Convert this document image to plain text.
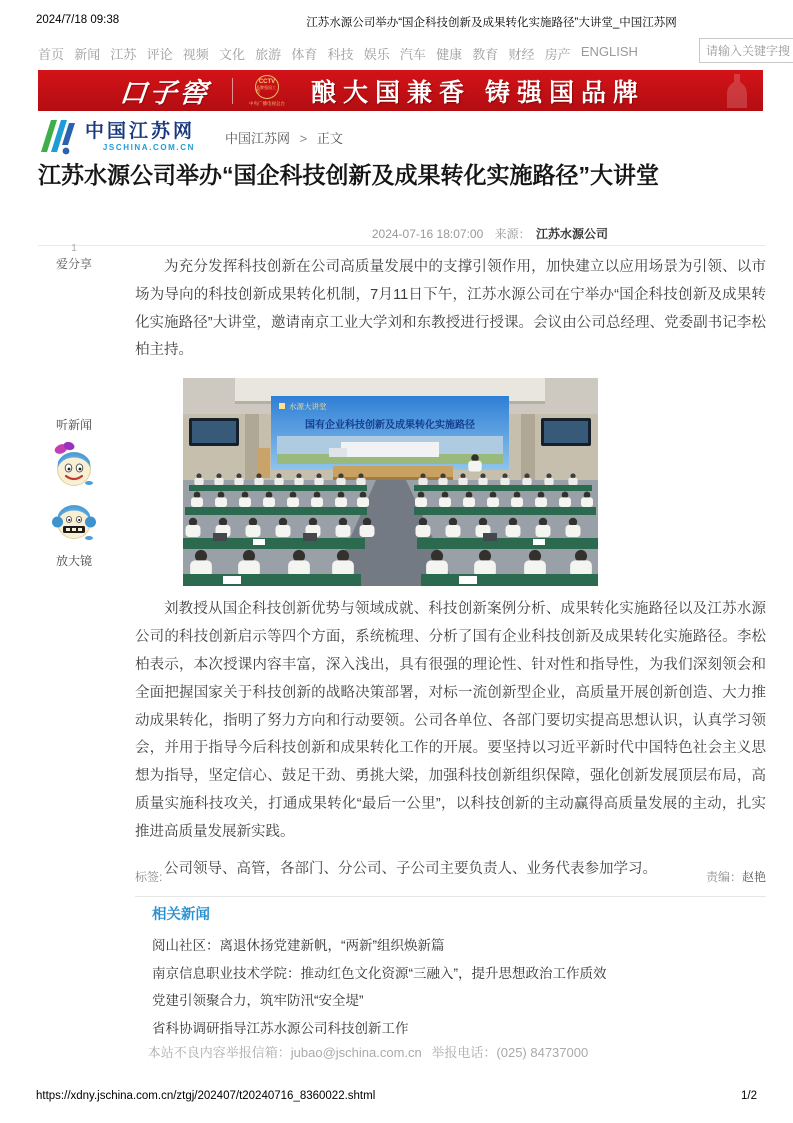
2024/7/18 09:38	江苏水源公司举办“国企科技创新及成果转化实施路径”大讲堂_中国江苏网
首页 新闻 江苏 评论 视频 文化 旅游 体育 科技 娱乐 汽车 健康 教育 财经 房产 ENGLISH
请输入关键字搜
口子窖	CCTV
品牌强国工程
中央广播电视总台 酿大国兼香 铸强国品牌
中国江苏网
JSCHINA.COM.CN
中国江苏网 > 正文
江苏水源公司举办“国企科技创新及成果转化实施路径”大讲堂
2024-07-16 18:07:00 来源： 江苏水源公司
1
爱分享
听新闻
放大镜

为充分发挥科技创新在公司高质量发展中的支撑引领作用，加快建立以应用场景为引领、以市场为导向的科技创新成果转化机制，7月11日下午，江苏水源公司在宁举办“国企科技创新及成果转化实施路径”大讲堂，邀请南京工业大学刘和东教授进行授课。会议由公司总经理、党委副书记李松柏主持。

水源大讲堂
国有企业科技创新及成果转化实施路径

刘教授从国企科技创新优势与领域成就、科技创新案例分析、成果转化实施路径以及江苏水源公司的科技创新启示等四个方面，系统梳理、分析了国有企业科技创新及成果转化实施路径。李松柏表示，本次授课内容丰富，深入浅出，具有很强的理论性、针对性和指导性，为我们深刻领会和全面把握国家关于科技创新的战略决策部署，对标一流创新型企业，高质量开展创新创造、大力推动成果转化，指明了努力方向和行动要领。公司各单位、各部门要切实提高思想认识，认真学习领会，并用于指导今后科技创新和成果转化工作的开展。要坚持以习近平新时代中国特色社会主义思想为指导，坚定信心、鼓足干劲、勇挑大梁，加强科技创新组织保障，强化创新发展顶层布局，高质量实施科技攻关，打通成果转化“最后一公里”，以科技创新的主动赢得高质量发展的主动，扎实推进高质量发展新实践。

公司领导、高管，各部门、分公司、子公司主要负责人、业务代表参加学习。

标签:	责编：赵艳
相关新闻
阅山社区：离退休扬党建新帆，“两新”组织焕新篇
南京信息职业技术学院：推动红色文化资源“三融入”，提升思想政治工作质效
党建引领聚合力，筑牢防汛“安全堤”
省科协调研指导江苏水源公司科技创新工作
本站不良内容举报信箱：jubao@jschina.com.cn 举报电话：(025) 84737000
https://xdny.jschina.com.cn/ztgj/202407/t20240716_8360022.shtml	1/2
